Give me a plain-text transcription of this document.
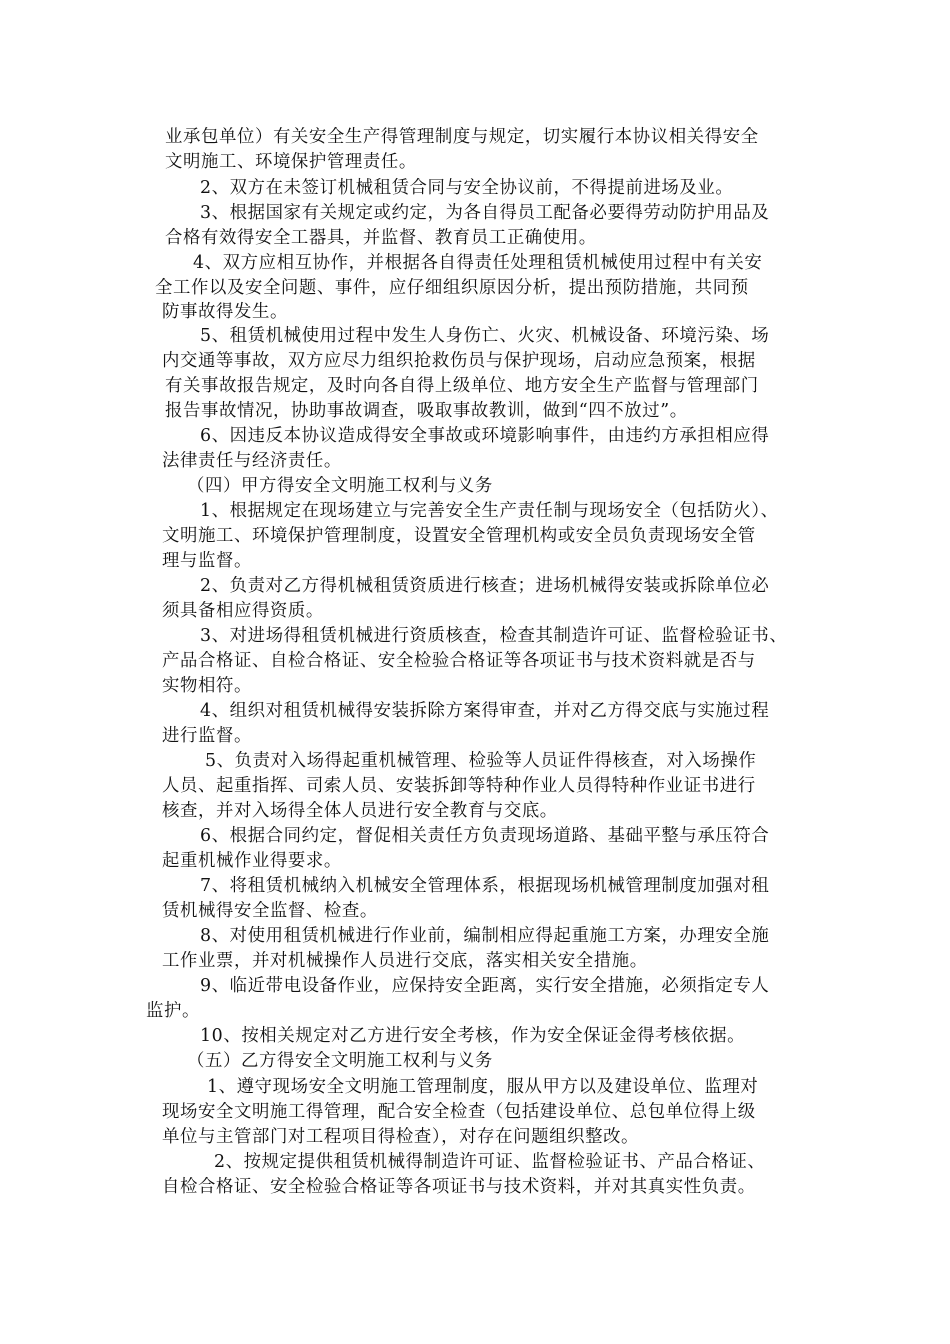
业承包单位）有关安全生产得管理制度与规定，切实履行本协议相关得安全
文明施工、环境保护管理责任。
2、双方在未签订机械租赁合同与安全协议前，不得提前进场及业。
3、根据国家有关规定或约定，为各自得员工配备必要得劳动防护用品及
合格有效得安全工器具，并监督、教育员工正确使用。
4、双方应相互协作，并根据各自得责任处理租赁机械使用过程中有关安
全工作以及安全问题、事件，应仔细组织原因分析，提出预防措施，共同预
防事故得发生。
5、租赁机械使用过程中发生人身伤亡、火灾、机械设备、环境污染、场
内交通等事故，双方应尽力组织抢救伤员与保护现场，启动应急预案，根据
有关事故报告规定，及时向各自得上级单位、地方安全生产监督与管理部门
报告事故情况，协助事故调查，吸取事故教训，做到“四不放过”。
6、因违反本协议造成得安全事故或环境影响事件，由违约方承担相应得
法律责任与经济责任。
（四）甲方得安全文明施工权利与义务
1、根据规定在现场建立与完善安全生产责任制与现场安全（包括防火）、
文明施工、环境保护管理制度，设置安全管理机构或安全员负责现场安全管
理与监督。
2、负责对乙方得机械租赁资质进行核查；进场机械得安装或拆除单位必
须具备相应得资质。
3、对进场得租赁机械进行资质核查，检查其制造许可证、监督检验证书、
产品合格证、自检合格证、安全检验合格证等各项证书与技术资料就是否与
实物相符。
4、组织对租赁机械得安装拆除方案得审查，并对乙方得交底与实施过程
进行监督。
5、负责对入场得起重机械管理、检验等人员证件得核查，对入场操作
人员、起重指挥、司索人员、安装拆卸等特种作业人员得特种作业证书进行
核查，并对入场得全体人员进行安全教育与交底。
6、根据合同约定，督促相关责任方负责现场道路、基础平整与承压符合
起重机械作业得要求。
7、将租赁机械纳入机械安全管理体系，根据现场机械管理制度加强对租
赁机械得安全监督、检查。
8、对使用租赁机械进行作业前，编制相应得起重施工方案，办理安全施
工作业票，并对机械操作人员进行交底，落实相关安全措施。
9、临近带电设备作业，应保持安全距离，实行安全措施，必须指定专人
监护。
10、按相关规定对乙方进行安全考核，作为安全保证金得考核依据。
（五）乙方得安全文明施工权利与义务
1、遵守现场安全文明施工管理制度，服从甲方以及建设单位、监理对
现场安全文明施工得管理，配合安全检查（包括建设单位、总包单位得上级
单位与主管部门对工程项目得检查），对存在问题组织整改。
2、按规定提供租赁机械得制造许可证、监督检验证书、产品合格证、
自检合格证、安全检验合格证等各项证书与技术资料，并对其真实性负责。
